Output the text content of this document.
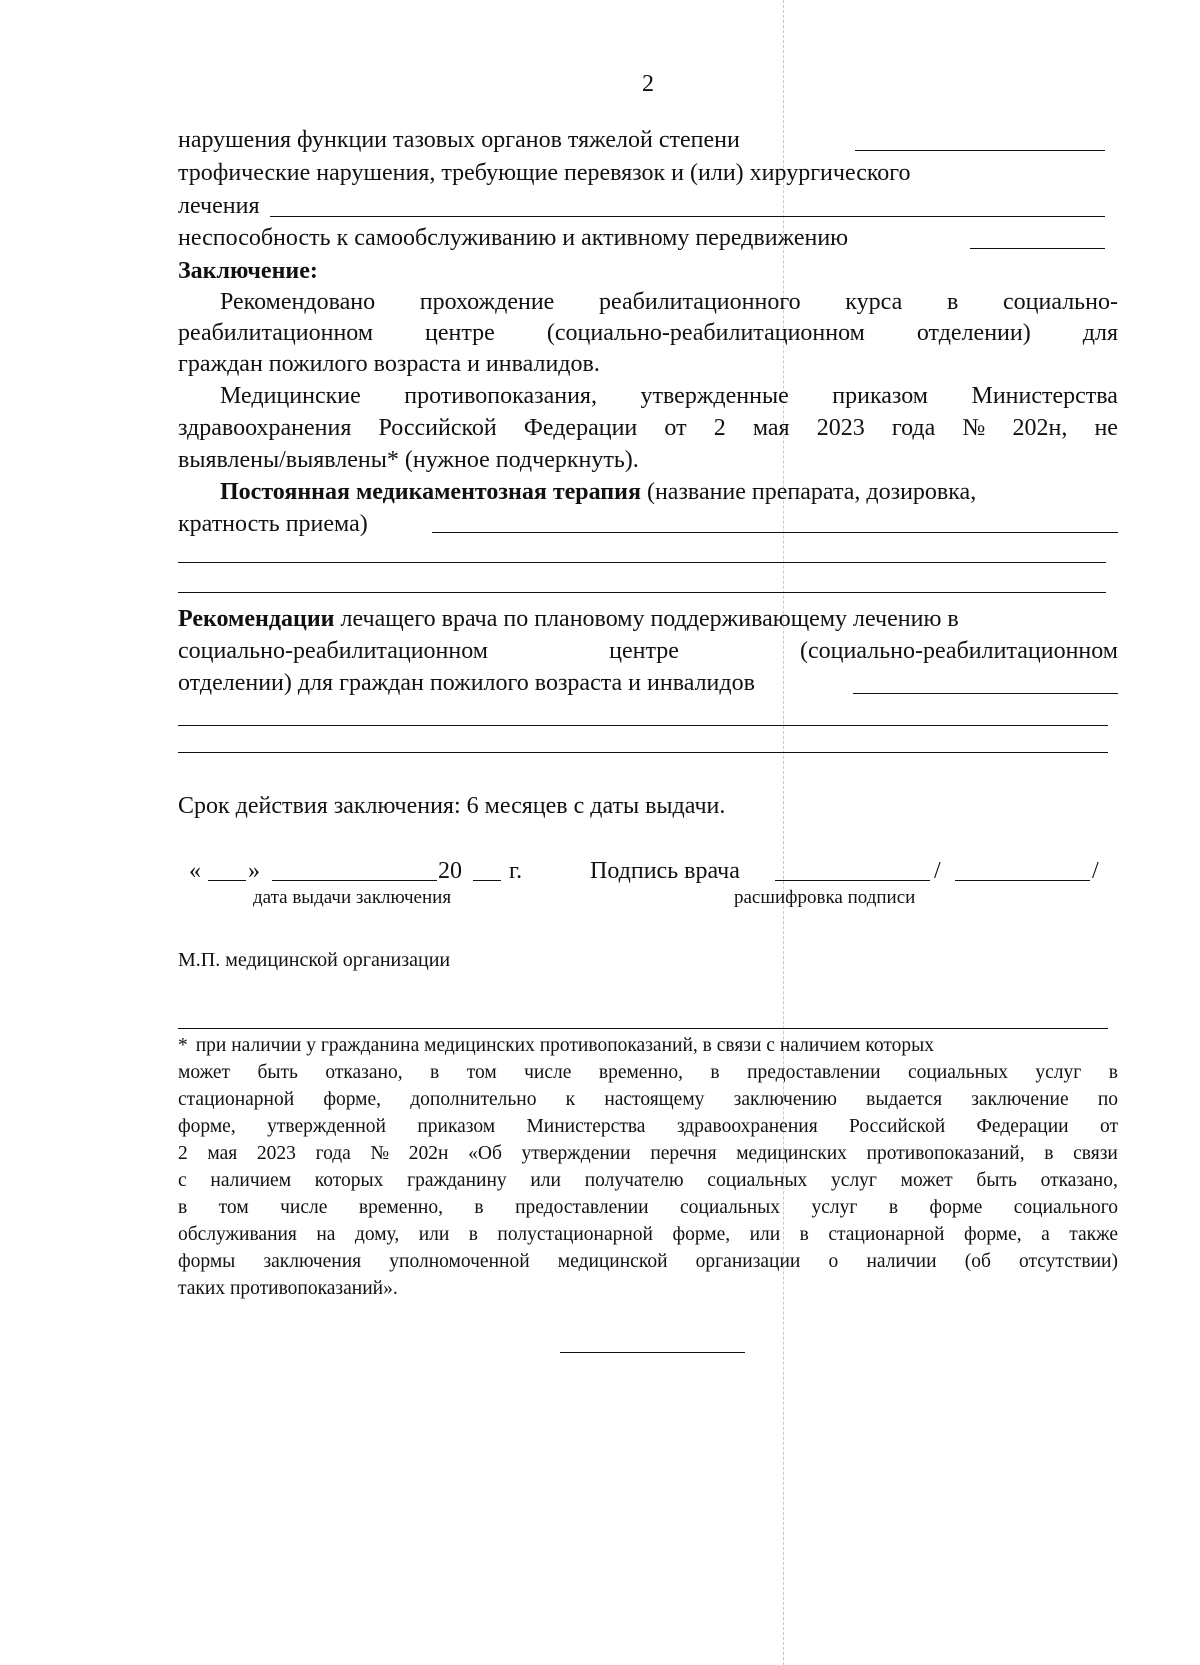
2
нарушения функции тазовых органов тяжелой степени
трофические нарушения, требующие перевязок и (или) хирургического
лечения
неспособность к самообслуживанию и активному передвижению
Заключение:
Рекомендовано прохождение реабилитационного курса в социально-
реабилитационном центре (социально-реабилитационном отделении) для
граждан пожилого возраста и инвалидов.
Медицинские противопоказания, утвержденные приказом Министерства
здравоохранения Российской Федерации от 2 мая 2023 года № 202н, не
выявлены/выявлены* (нужное подчеркнуть).
Постоянная медикаментозная терапия (название препарата, дозировка,
кратность приема)
Рекомендации лечащего врача по плановому поддерживающему лечению в
социально-реабилитационном	центре	(социально-реабилитационном
отделении) для граждан пожилого возраста и инвалидов
Срок действия заключения: 6 месяцев с даты выдачи.
« »	20 г.
дата выдачи заключения
Подпись врача	/	/
расшифровка подписи
М.П. медицинской организации
* при наличии у гражданина медицинских противопоказаний, в связи с наличием которых
может быть отказано, в том числе временно, в предоставлении социальных услуг в
стационарной форме, дополнительно к настоящему заключению выдается заключение по
форме, утвержденной приказом Министерства здравоохранения Российской Федерации от
2 мая 2023 года № 202н «Об утверждении перечня медицинских противопоказаний, в связи
с наличием которых гражданину или получателю социальных услуг может быть отказано,
в том числе временно, в предоставлении социальных услуг в форме социального
обслуживания на дому, или в полустационарной форме, или в стационарной форме, а также
формы заключения уполномоченной медицинской организации о наличии (об отсутствии)
таких противопоказаний».
